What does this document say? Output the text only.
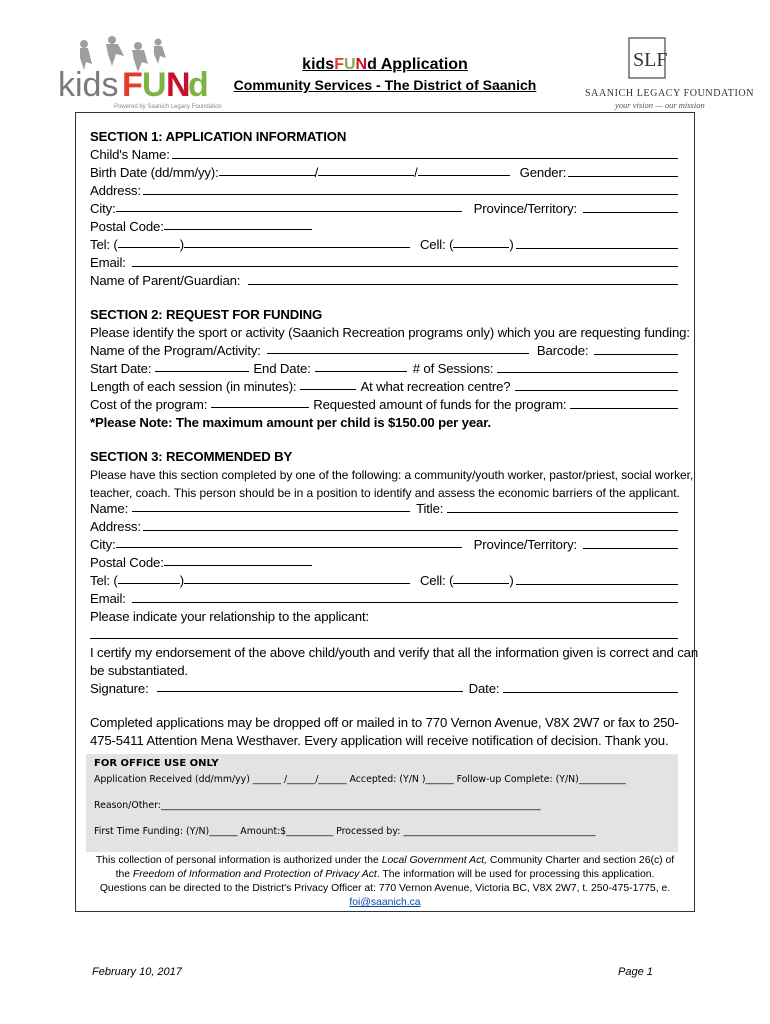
kids F U N
d
Powered by Saanich Legacy Foundation
SLF
SAANICH LEGACY FOUNDATION
your vision — our mission
kidsFUNd Application
Community Services - The District of Saanich
SECTION 1: APPLICATION INFORMATION
Child's Name:
Birth Date (dd/mm/yy):	/	/	Gender:
Address:
City:	Province/Territory:
Postal Code:
Tel: (	)	Cell: (	)
Email:
Name of Parent/Guardian:
SECTION 2: REQUEST FOR FUNDING
Please identify the sport or activity (Saanich Recreation programs only) which you are requesting funding:
Name of the Program/Activity:	Barcode:
Start Date:	End Date:	# of Sessions:
Length of each session (in minutes):	At what recreation centre?
Cost of the program:	Requested amount of funds for the program:
*Please Note: The maximum amount per child is $150.00 per year.
SECTION 3: RECOMMENDED BY
Please have this section completed by one of the following: a community/youth worker, pastor/priest, social worker,
teacher, coach. This person should be in a position to identify and assess the economic barriers of the applicant.
Name:	Title:
Address:
City:	Province/Territory:
Postal Code:
Tel: (	)	Cell: (	)
Email:
Please indicate your relationship to the applicant:
I certify my endorsement of the above child/youth and verify that all the information given is correct and can
be substantiated.
Signature:	Date:
Completed applications may be dropped off or mailed in to 770 Vernon Avenue, V8X 2W7 or fax to 250-
475-5411 Attention Mena Westhaver. Every application will receive notification of decision. Thank you.
FOR OFFICE USE ONLY
Application Received (dd/mm/yy) ______ /______/______ Accepted: (Y/N )______ Follow-up Complete: (Y/N)__________
Reason/Other:_________________________________________________________________________________
First Time Funding: (Y/N)______ Amount:$__________ Processed by: _________________________________________
This collection of personal information is authorized under the Local Government Act, Community Charter and section 26(c) of the Freedom of Information and Protection of Privacy Act. The information will be used for processing this application. Questions can be directed to the District's Privacy Officer at: 770 Vernon Avenue, Victoria BC, V8X 2W7, t. 250-475-1775, e. foi@saanich.ca
February 10, 2017	Page 1
